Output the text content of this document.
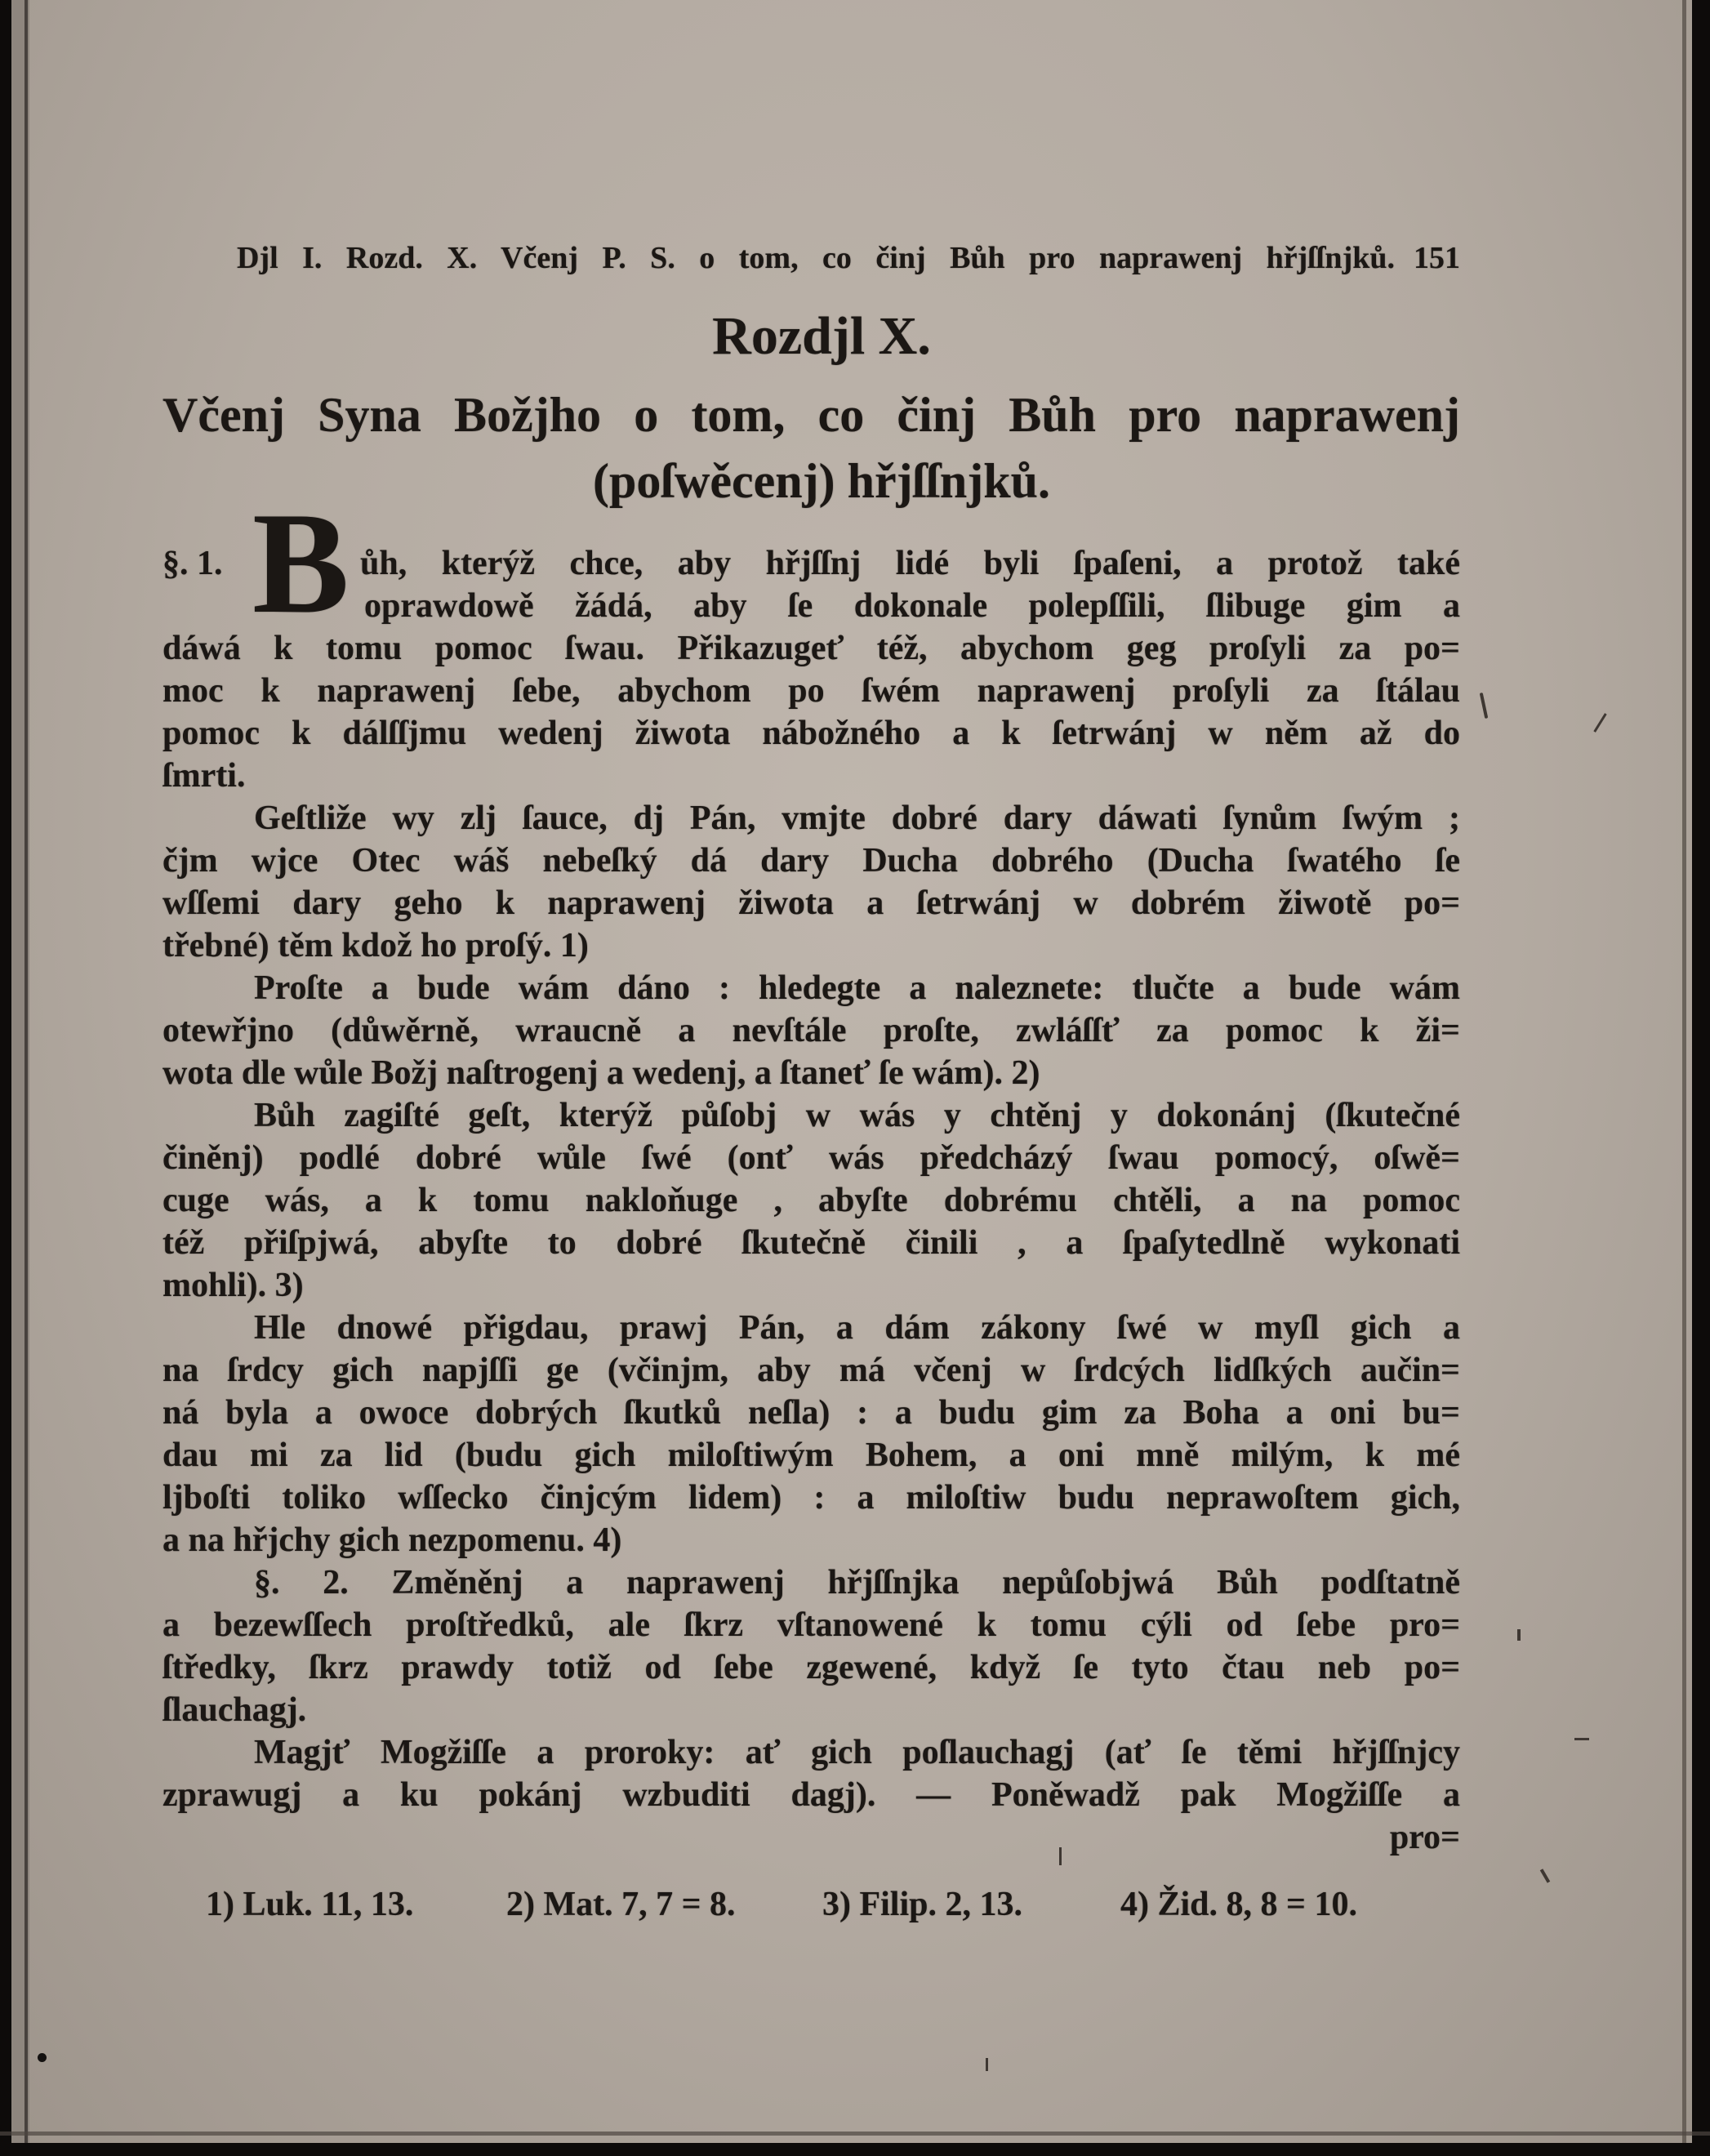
Djl I. Rozd. X. Včenj P. S. o tom, co činj Bůh pro naprawenj hřjſſnjků. 151
Rozdjl X.
Včenj Syna Božjho o tom, co činj Bůh pro naprawenj
(poſwěcenj) hřjſſnjků.
§. 1. B ůh, kterýž chce, aby hřjſſnj lidé byli ſpaſeni, a protož také
oprawdowě žádá, aby ſe dokonale polepſſili, ſlibuge gim a
dáwá k tomu pomoc ſwau. Přikazugeť též, abychom geg proſyli za po=
moc k naprawenj ſebe, abychom po ſwém naprawenj proſyli za ſtálau
pomoc k dálſſjmu wedenj žiwota nábožného a k ſetrwánj w něm až do
ſmrti.
Geſtliže wy zlj ſauce, dj Pán, vmjte dobré dary dáwati ſynům ſwým ;
čjm wjce Otec wáš nebeſký dá dary Ducha dobrého (Ducha ſwatého ſe
wſſemi dary geho k naprawenj žiwota a ſetrwánj w dobrém žiwotě po=
třebné) těm kdož ho proſý. 1)
Proſte a bude wám dáno : hledegte a naleznete: tlučte a bude wám
otewřjno (důwěrně, wraucně a nevſtále proſte, zwláſſť za pomoc k ži=
wota dle wůle Božj naſtrogenj a wedenj, a ſtaneť ſe wám). 2)
Bůh zagiſté geſt, kterýž půſobj w wás y chtěnj y dokonánj (ſkutečné
činěnj) podlé dobré wůle ſwé (onť wás předcházý ſwau pomocý, oſwě=
cuge wás, a k tomu nakloňuge , abyſte dobrému chtěli, a na pomoc
též přiſpjwá, abyſte to dobré ſkutečně činili , a ſpaſytedlně wykonati
mohli). 3)
Hle dnowé přigdau, prawj Pán, a dám zákony ſwé w myſl gich a
na ſrdcy gich napjſſi ge (včinjm, aby má včenj w ſrdcých lidſkých aučin=
ná byla a owoce dobrých ſkutků neſla) : a budu gim za Boha a oni bu=
dau mi za lid (budu gich miloſtiwým Bohem, a oni mně milým, k mé
ljboſti toliko wſſecko činjcým lidem) : a miloſtiw budu neprawoſtem gich,
a na hřjchy gich nezpomenu. 4)
§. 2. Změněnj a naprawenj hřjſſnjka nepůſobjwá Bůh podſtatně
a bezewſſech proſtředků, ale ſkrz vſtanowené k tomu cýli od ſebe pro=
ſtředky, ſkrz prawdy totiž od ſebe zgewené, když ſe tyto čtau neb po=
ſlauchagj.
Magjť Mogžiſſe a proroky: ať gich poſlauchagj (ať ſe těmi hřjſſnjcy
zprawugj a ku pokánj wzbuditi dagj). — Poněwadž pak Mogžiſſe a
pro=
1) Luk. 11, 13.	2) Mat. 7, 7 = 8.	3) Filip. 2, 13.	4) Žid. 8, 8 = 10.
